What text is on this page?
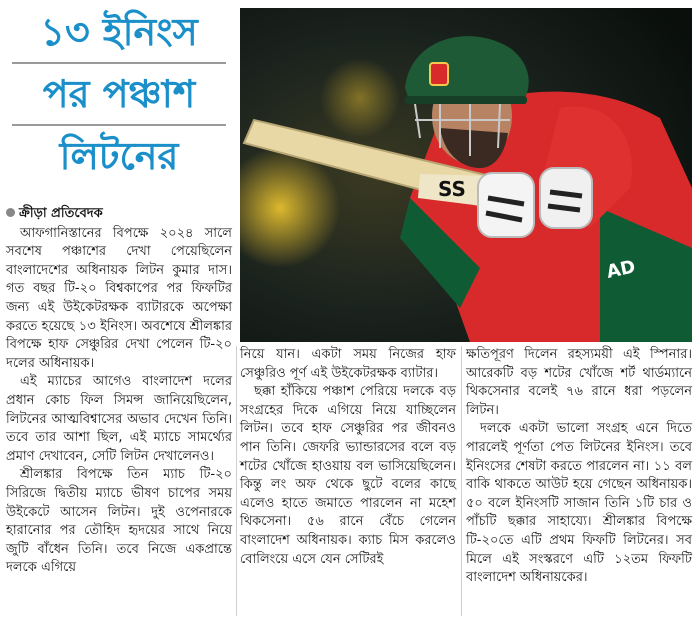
১৩ ইনিংস
পর পঞ্চাশ
লিটনের
SS
AD
ক্রীড়া প্রতিবেদক

আফগানিস্তানের বিপক্ষে ২০২৪ সালে সবশেষ পঞ্চাশের দেখা পেয়েছিলেন বাংলাদেশের অধিনায়ক লিটন কুমার দাস। গত বছর টি-২০ বিশ্বকাপের পর ফিফটির জন্য এই উইকেটরক্ষক ব্যাটারকে অপেক্ষা করতে হয়েছে ১৩ ইনিংস। অবশেষে শ্রীলঙ্কার বিপক্ষে হাফ সেঞ্চুরির দেখা পেলেন টি-২০ দলের অধিনায়ক।

এই ম্যাচের আগেও বাংলাদেশ দলের প্রধান কোচ ফিল সিমন্স জানিয়েছিলেন, লিটনের আত্মবিশ্বাসের অভাব দেখেন তিনি। তবে তার আশা ছিল, এই ম্যাচে সামর্থ্যের প্রমাণ দেখাবেন, সেটি লিটন দেখালেনও।

শ্রীলঙ্কার বিপক্ষে তিন ম্যাচ টি-২০ সিরিজে দ্বিতীয় ম্যাচে ভীষণ চাপের সময় উইকেটে আসেন লিটন। দুই ওপেনারকে হারানোর পর তৌহিদ হৃদয়ের সাথে নিয়ে জুটি বাঁধেন তিনি। তবে নিজে একপ্রান্তে দলকে এগিয়ে

নিয়ে যান। একটা সময় নিজের হাফ সেঞ্চুরিও পূর্ণ এই উইকেটরক্ষক ব্যাটার।

ছক্কা হাঁকিয়ে পঞ্চাশ পেরিয়ে দলকে বড় সংগ্রহের দিকে এগিয়ে নিয়ে যাচ্ছিলেন লিটন। তবে হাফ সেঞ্চুরির পর জীবনও পান তিনি। জেফরি ভ্যান্ডারসের বলে বড় শটের খোঁজে হাওয়ায় বল ভাসিয়েছিলেন। কিন্তু লং অফ থেকে ছুটে বলের কাছে এলেও হাতে জমাতে পারলেন না মহেশ থিকসেনা। ৫৬ রানে বেঁচে গেলেন বাংলাদেশ অধিনায়ক। ক্যাচ মিস করলেও বোলিংয়ে এসে যেন সেটিরই

ক্ষতিপূরণ দিলেন রহস্যময়ী এই স্পিনার। আরেকটি বড় শটের খোঁজে শর্ট থার্ডম্যানে থিকসেনার বলেই ৭৬ রানে ধরা পড়লেন লিটন।

দলকে একটা ভালো সংগ্রহ এনে দিতে পারলেই পূর্ণতা পেত লিটনের ইনিংস। তবে ইনিংসের শেষটা করতে পারলেন না। ১১ বল বাকি থাকতে আউট হয়ে গেছেন অধিনায়ক। ৫০ বলে ইনিংসটি সাজান তিনি ১টি চার ও পাঁচটি ছক্কার সাহায্যে। শ্রীলঙ্কার বিপক্ষে টি-২০তে এটি প্রথম ফিফটি লিটনের। সব মিলে এই সংস্করণে এটি ১২তম ফিফটি বাংলাদেশ অধিনায়কের।
